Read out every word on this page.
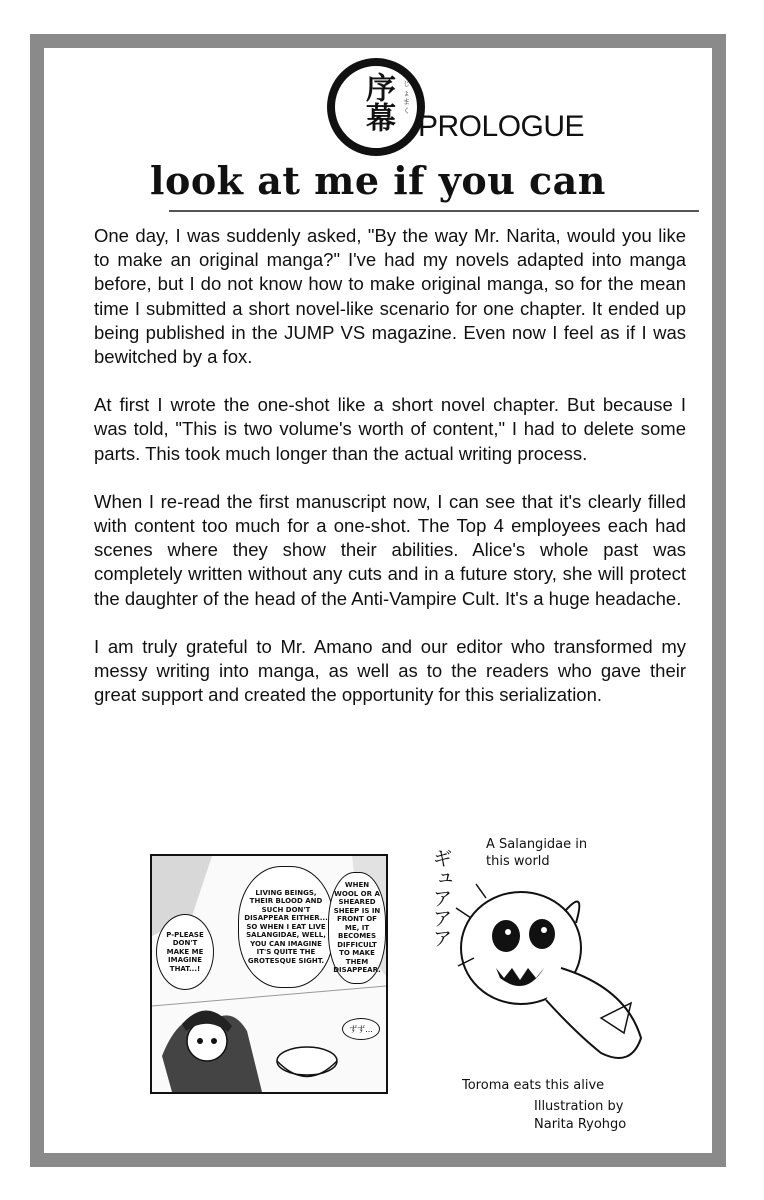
序幕 じょまく PROLOGUE
look at me if you can

One day, I was suddenly asked, "By the way Mr. Narita, would you like to make an original manga?" I've had my novels adapted into manga before, but I do not know how to make original manga, so for the mean time I submitted a short novel-like scenario for one chapter. It ended up being published in the JUMP VS magazine. Even now I feel as if I was bewitched by a fox.

At first I wrote the one-shot like a short novel chapter. But because I was told, "This is two volume's worth of content," I had to delete some parts. This took much longer than the actual writing process.

When I re-read the first manuscript now, I can see that it's clearly filled with content too much for a one-shot. The Top 4 employees each had scenes where they show their abilities. Alice's whole past was completely written without any cuts and in a future story, she will protect the daughter of the head of the Anti-Vampire Cult. It's a huge headache.

I am truly grateful to Mr. Amano and our editor who transformed my messy writing into manga, as well as to the readers who gave their great support and created the opportunity for this serialization.

P-PLEASE DON'T MAKE ME IMAGINE THAT...!
LIVING BEINGS, THEIR BLOOD AND SUCH DON'T DISAPPEAR EITHER... SO WHEN I EAT LIVE SALANGIDAE, WELL, YOU CAN IMAGINE IT'S QUITE THE GROTESQUE SIGHT.
WHEN WOOL OR A SHEARED SHEEP IS IN FRONT OF ME, IT BECOMES DIFFICULT TO MAKE THEM DISAPPEAR.
ずず...
A Salangidae in this world
ギュアアア
Toroma eats this alive
Illustration by Narita Ryohgo
